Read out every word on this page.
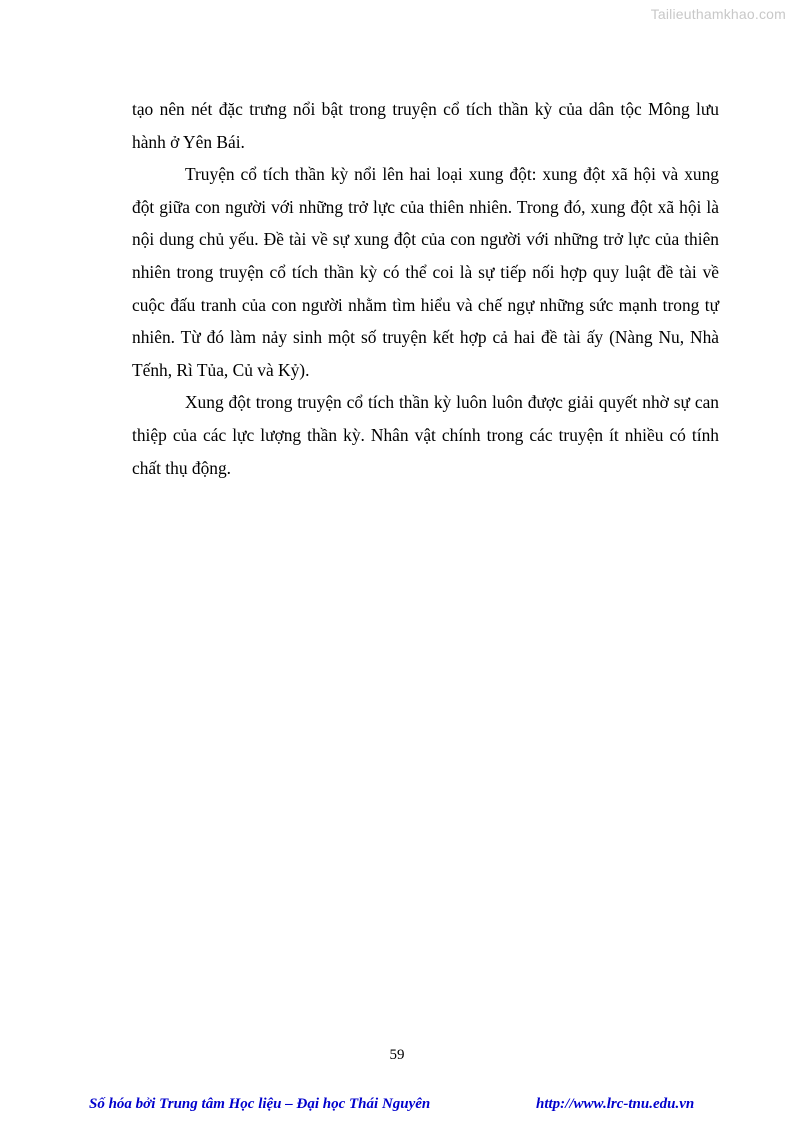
Tailieuthamkhao.com

tạo nên nét đặc trưng nổi bật trong truyện cổ tích thần kỳ của dân tộc Mông lưu hành ở Yên Bái.

Truyện cổ tích thần kỳ nổi lên hai loại xung đột: xung đột xã hội và xung đột giữa con người với những trở lực của thiên nhiên. Trong đó, xung đột xã hội là nội dung chủ yếu. Đề tài về sự xung đột của con người với những trở lực của thiên nhiên trong truyện cổ tích thần kỳ có thể coi là sự tiếp nối hợp quy luật đề tài về cuộc đấu tranh của con người nhằm tìm hiểu và chế ngự những sức mạnh trong tự nhiên. Từ đó làm nảy sinh một số truyện kết hợp cả hai đề tài ấy (Nàng Nu, Nhà Tếnh, Rì Tủa, Củ và Kỷ).

Xung đột trong truyện cổ tích thần kỳ luôn luôn được giải quyết nhờ sự can thiệp của các lực lượng thần kỳ. Nhân vật chính trong các truyện ít nhiều có tính chất thụ động.

59
Số hóa bởi Trung tâm Học liệu – Đại học Thái Nguyên	http://www.lrc-tnu.edu.vn
